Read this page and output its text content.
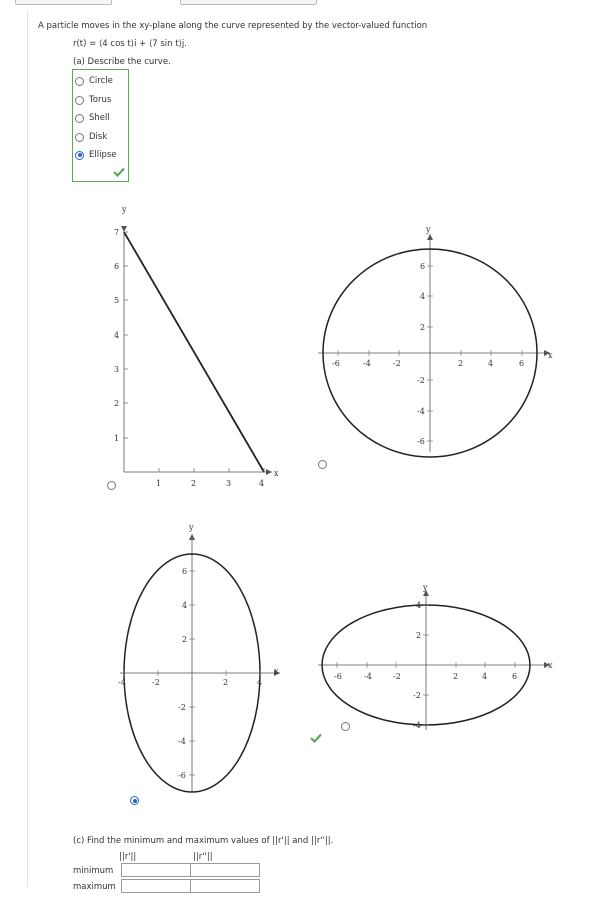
A particle moves in the xy-plane along the curve represented by the vector-valued function
r(t) = ⟨4 cos t⟩i + ⟨7 sin t⟩j.
(a) Describe the curve.
Circle
Torus
Shell
Disk
Ellipse
y
x
1	2	3	4
1
2
3
4
5
6
7
	y
x
-6	-4	-2	2	4	6
6
4
2
-2
-4
-6

y
x
-4	-2	2	4
6
4
2
-2
-4
-6

y
x
-6	-4	-2	2	4	6
4
2
-2
-4
(c) Find the minimum and maximum values of ||r'|| and ||r''||.
||r'||	||r''||
minimum
maximum
